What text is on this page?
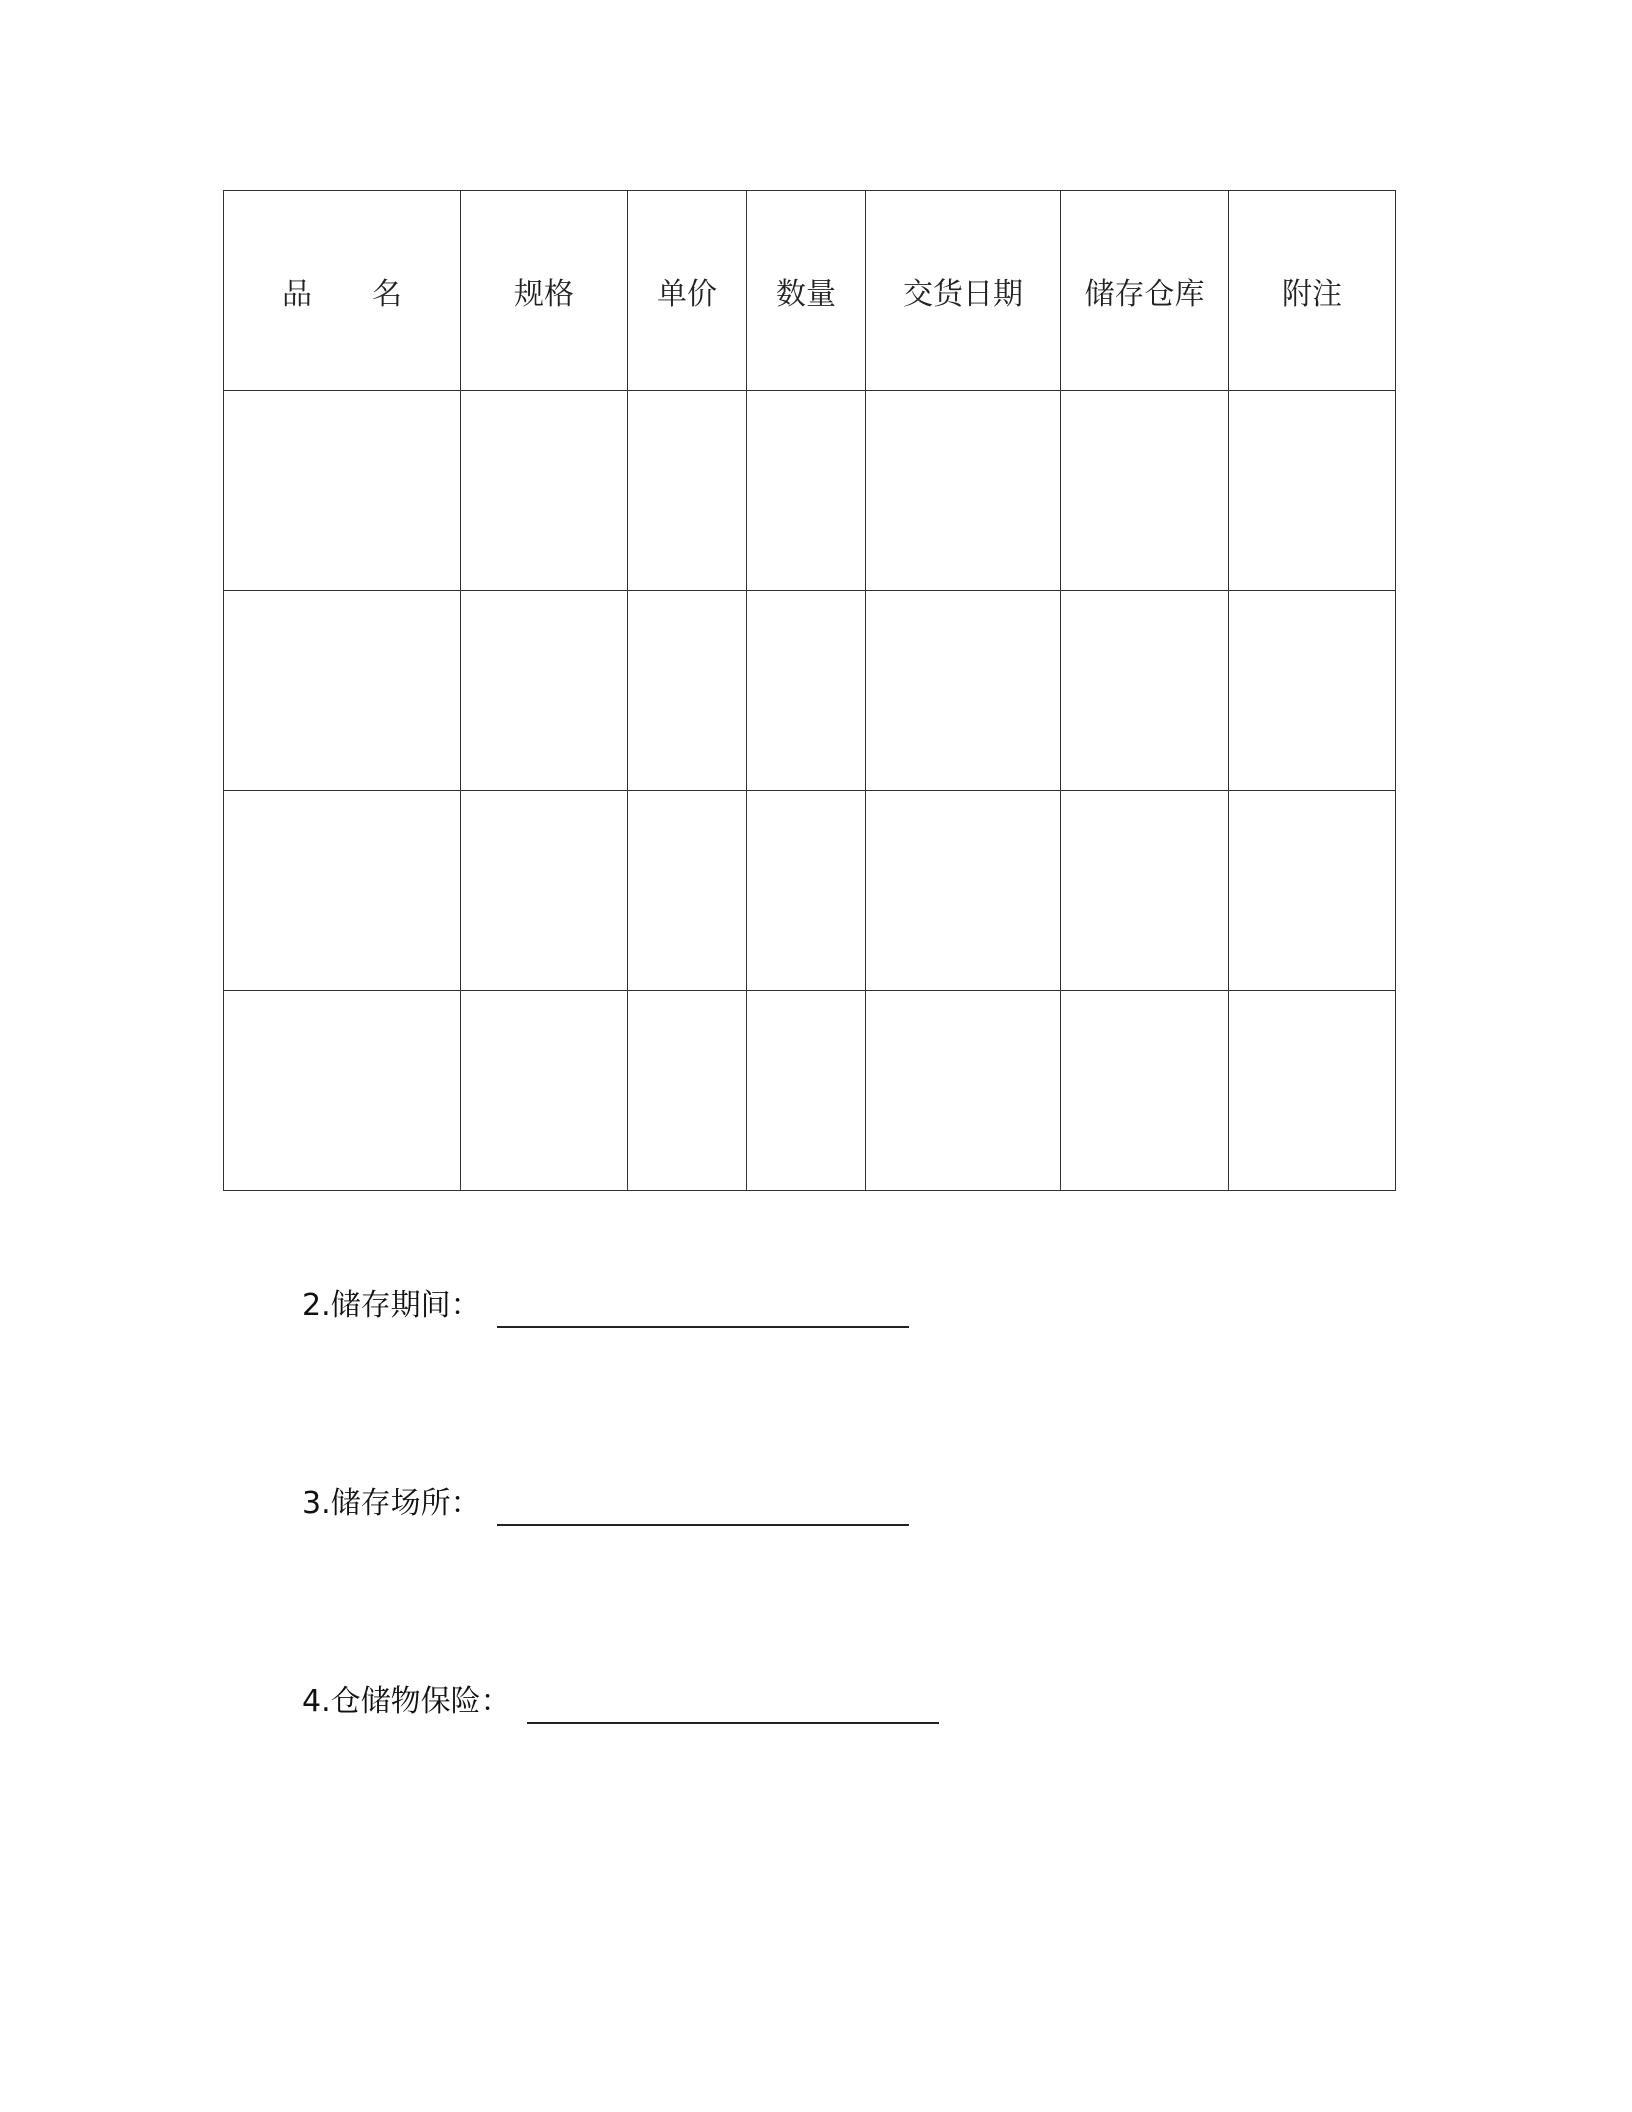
品　　名	规格	单价	数量	交货日期	储存仓库	附注

2.储存期间：
3.储存场所：
4.仓储物保险：
